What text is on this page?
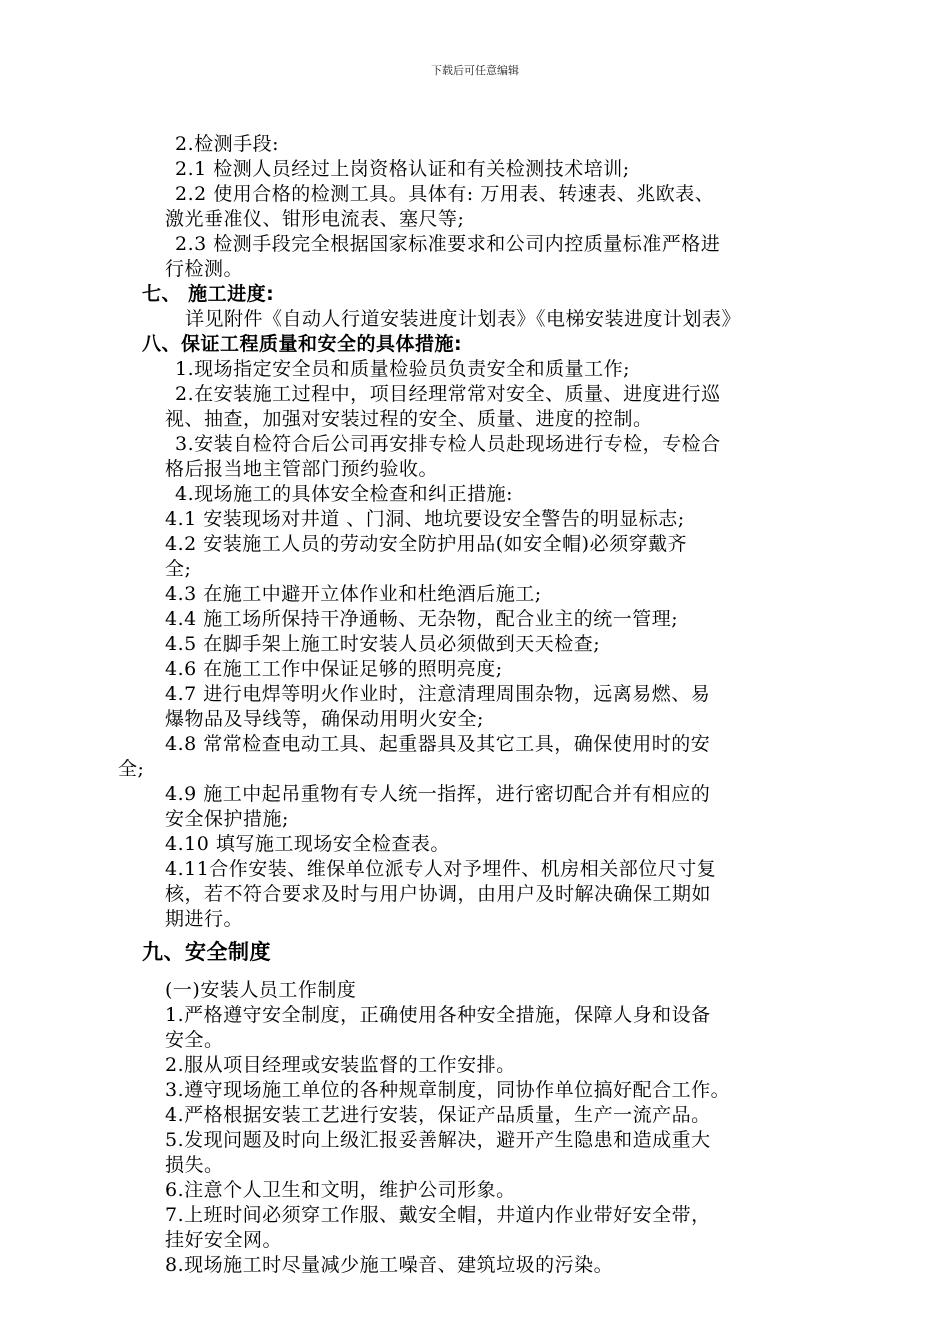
下载后可任意编辑
2.检测手段:
2.1 检测人员经过上岗资格认证和有关检测技术培训;
2.2 使用合格的检测工具。具体有: 万用表、转速表、兆欧表、
激光垂准仪、钳形电流表、塞尺等;
2.3 检测手段完全根据国家标准要求和公司内控质量标准严格进
行检测。
七、 施工进度:
详见附件《自动人行道安装进度计划表》《电梯安装进度计划表》
八、保证工程质量和安全的具体措施:
1.现场指定安全员和质量检验员负责安全和质量工作;
2.在安装施工过程中，项目经理常常对安全、质量、进度进行巡
视、抽查，加强对安装过程的安全、质量、进度的控制。
3.安装自检符合后公司再安排专检人员赴现场进行专检，专检合
格后报当地主管部门预约验收。
4.现场施工的具体安全检查和纠正措施:
4.1 安装现场对井道 、门洞、地坑要设安全警告的明显标志;
4.2 安装施工人员的劳动安全防护用品(如安全帽)必须穿戴齐
全;
4.3 在施工中避开立体作业和杜绝酒后施工;
4.4 施工场所保持干净通畅、无杂物，配合业主的统一管理;
4.5 在脚手架上施工时安装人员必须做到天天检查;
4.6 在施工工作中保证足够的照明亮度;
4.7 进行电焊等明火作业时，注意清理周围杂物，远离易燃、易
爆物品及导线等，确保动用明火安全;
4.8 常常检查电动工具、起重器具及其它工具，确保使用时的安
全;
4.9 施工中起吊重物有专人统一指挥，进行密切配合并有相应的
安全保护措施;
4.10 填写施工现场安全检查表。
4.11合作安装、维保单位派专人对予埋件、机房相关部位尺寸复
核，若不符合要求及时与用户协调，由用户及时解决确保工期如
期进行。
九、安全制度
(一)安装人员工作制度
1.严格遵守安全制度，正确使用各种安全措施，保障人身和设备
安全。
2.服从项目经理或安装监督的工作安排。
3.遵守现场施工单位的各种规章制度，同协作单位搞好配合工作。
4.严格根据安装工艺进行安装，保证产品质量，生产一流产品。
5.发现问题及时向上级汇报妥善解决，避开产生隐患和造成重大
损失。
6.注意个人卫生和文明，维护公司形象。
7.上班时间必须穿工作服、戴安全帽，井道内作业带好安全带，
挂好安全网。
8.现场施工时尽量减少施工噪音、建筑垃圾的污染。
